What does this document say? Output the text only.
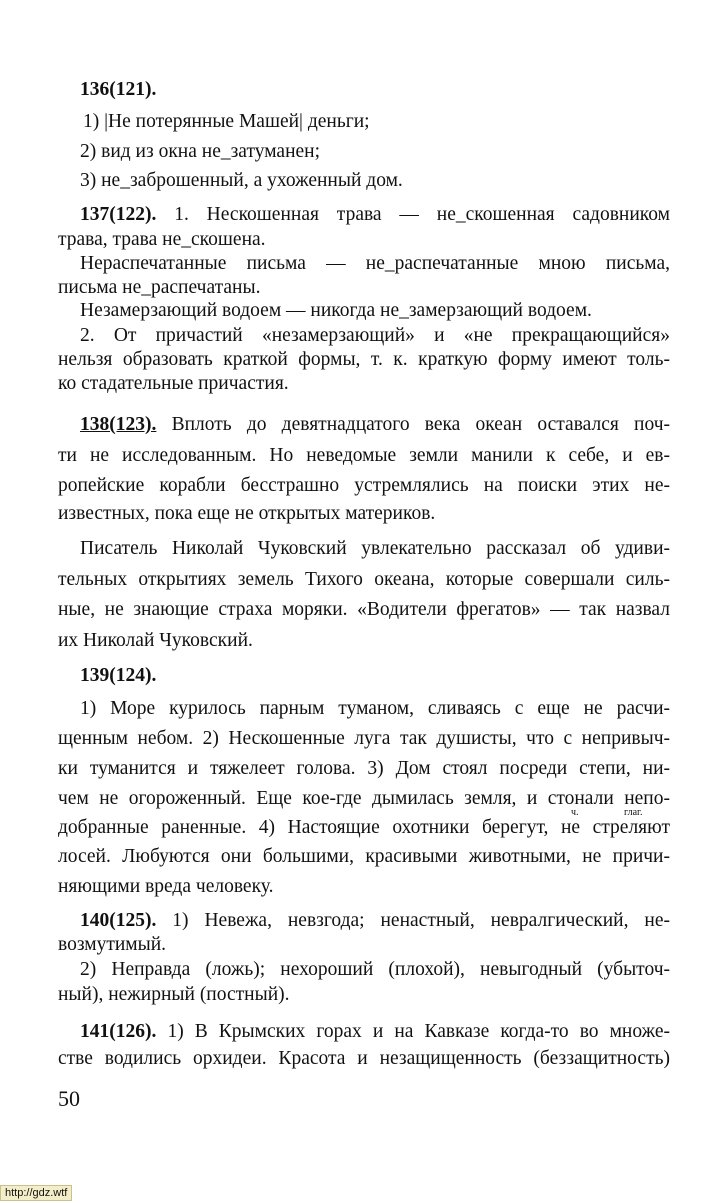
136(121).
1) |Не потерянные Машей| деньги;
2) вид из окна не_затуманен;
3) не_заброшенный, а ухоженный дом.
137(122). 1. Нескошенная трава — не_скошенная садовником
трава, трава не_скошена.
Нераспечатанные письма — не_распечатанные мною письма,
письма не_распечатаны.
Незамерзающий водоем — никогда не_замерзающий водоем.
2. От причастий «незамерзающий» и «не прекращающийся»
нельзя образовать краткой формы, т. к. краткую форму имеют толь-
ко стадательные причастия.
138(123). Вплоть до девятнадцатого века океан оставался поч-
ти не исследованным. Но неведомые земли манили к себе, и ев-
ропейские корабли бесстрашно устремлялись на поиски этих не-
известных, пока еще не открытых материков.
Писатель Николай Чуковский увлекательно рассказал об удиви-
тельных открытиях земель Тихого океана, которые совершали силь-
ные, не знающие страха моряки. «Водители фрегатов» — так назвал
их Николай Чуковский.
139(124).
1) Море курилось парным туманом, сливаясь с еще не расчи-
щенным небом. 2) Нескошенные луга так душисты, что с непривыч-
ки туманится и тяжелеет голова. 3) Дом стоял посреди степи, ни-
чем не огороженный. Еще кое-где дымилась земля, и стонали непо-
ч.	глаг.
добранные раненные. 4) Настоящие охотники берегут, не стреляют
лосей. Любуются они большими, красивыми животными, не причи-
няющими вреда человеку.
140(125). 1) Невежа, невзгода; ненастный, невралгический, не-
возмутимый.
2) Неправда (ложь); нехороший (плохой), невыгодный (убыточ-
ный), нежирный (постный).
141(126). 1) В Крымских горах и на Кавказе когда-то во множе-
стве водились орхидеи. Красота и незащищенность (беззащитность)
50
http://gdz.wtf
